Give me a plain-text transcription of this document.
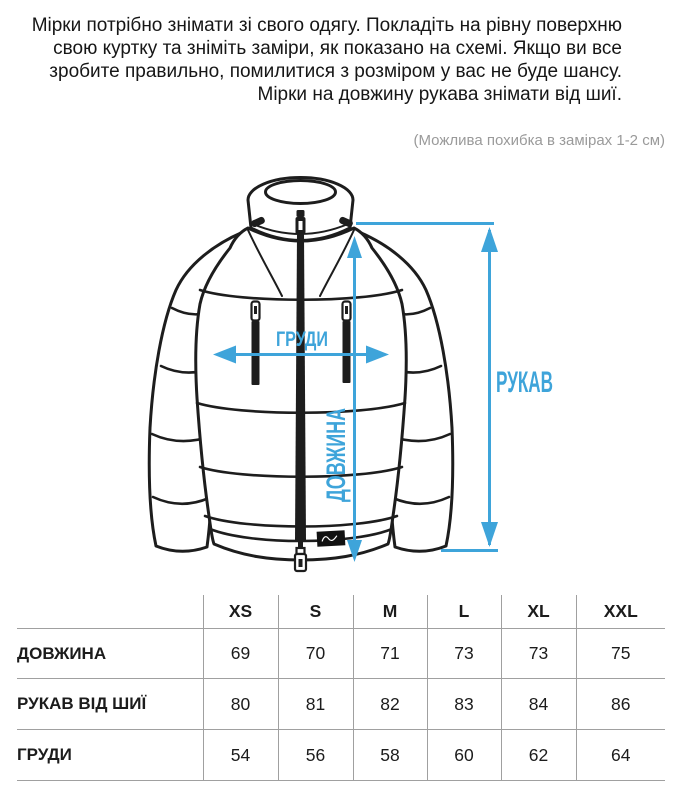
Мірки потрібно знімати зі свого одягу. Покладіть на рівну поверхню
свою куртку та зніміть заміри, як показано на схемі. Якщо ви все
зробите правильно, помилитися з розміром у вас не буде шансу.
Мірки на довжину рукава знімати від шиї.
(Можлива похибка в замірах 1-2 см)
ГРУДИ
ДОВЖИНА	РУКАВ
	XS	S	M	L	XL	XXL
ДОВЖИНА	69	70	71	73	73	75
РУКАВ ВІД ШИЇ	80	81	82	83	84	86
ГРУДИ	54	56	58	60	62	64
